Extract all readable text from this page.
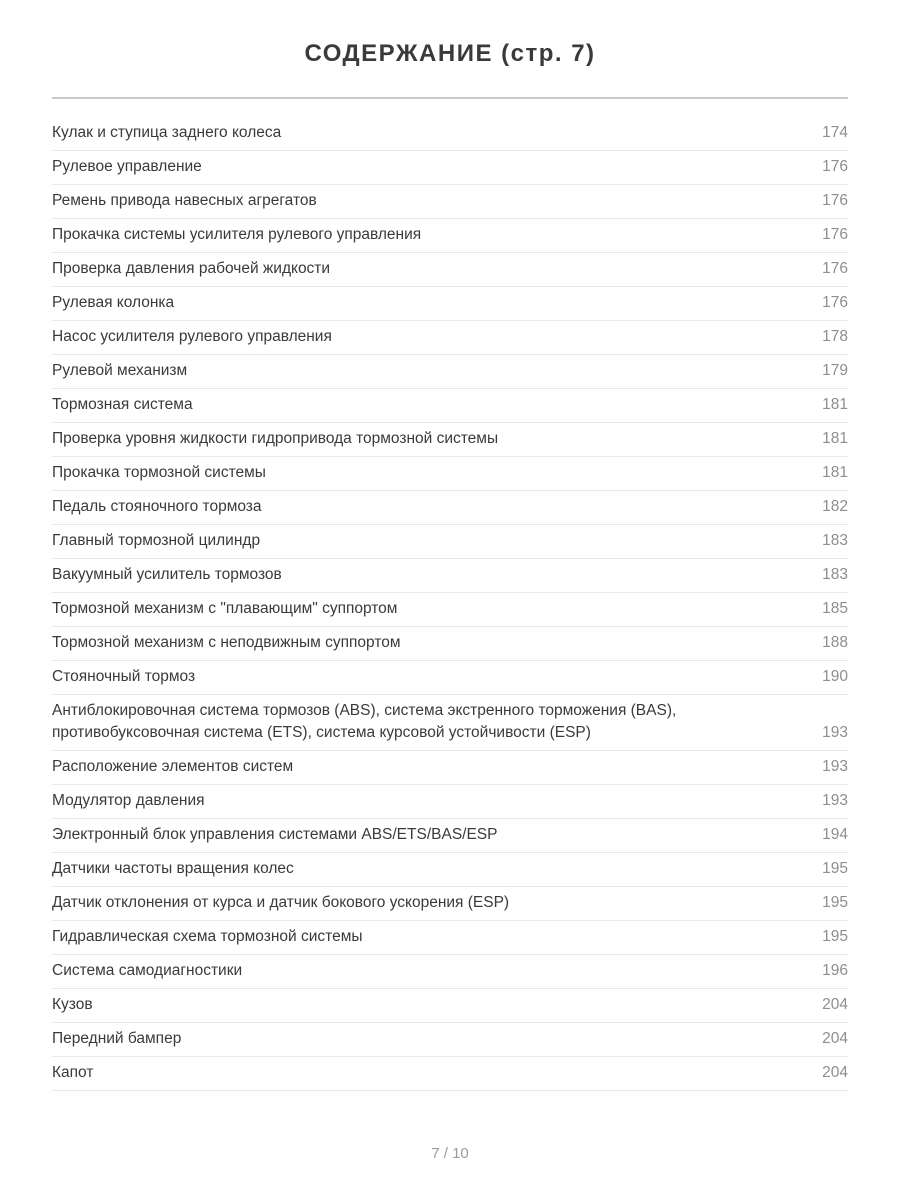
СОДЕРЖАНИЕ (стр. 7)
Кулак и ступица заднего колеса	174
Рулевое управление	176
Ремень привода навесных агрегатов	176
Прокачка системы усилителя рулевого управления	176
Проверка давления рабочей жидкости	176
Рулевая колонка	176
Насос усилителя рулевого управления	178
Рулевой механизм	179
Тормозная система	181
Проверка уровня жидкости гидропривода тормозной системы	181
Прокачка тормозной системы	181
Педаль стояночного тормоза	182
Главный тормозной цилиндр	183
Вакуумный усилитель тормозов	183
Тормозной механизм с "плавающим" суппортом	185
Тормозной механизм с неподвижным суппортом	188
Стояночный тормоз	190
Антиблокировочная система тормозов (ABS), система экстренного торможения (BAS), противобуксовочная система (ETS), система курсовой устойчивости (ESP)	193
Расположение элементов систем	193
Модулятор давления	193
Электронный блок управления системами ABS/ETS/BAS/ESP	194
Датчики частоты вращения колес	195
Датчик отклонения от курса и датчик бокового ускорения (ESP)	195
Гидравлическая схема тормозной системы	195
Система самодиагностики	196
Кузов	204
Передний бампер	204
Капот	204
7 / 10
